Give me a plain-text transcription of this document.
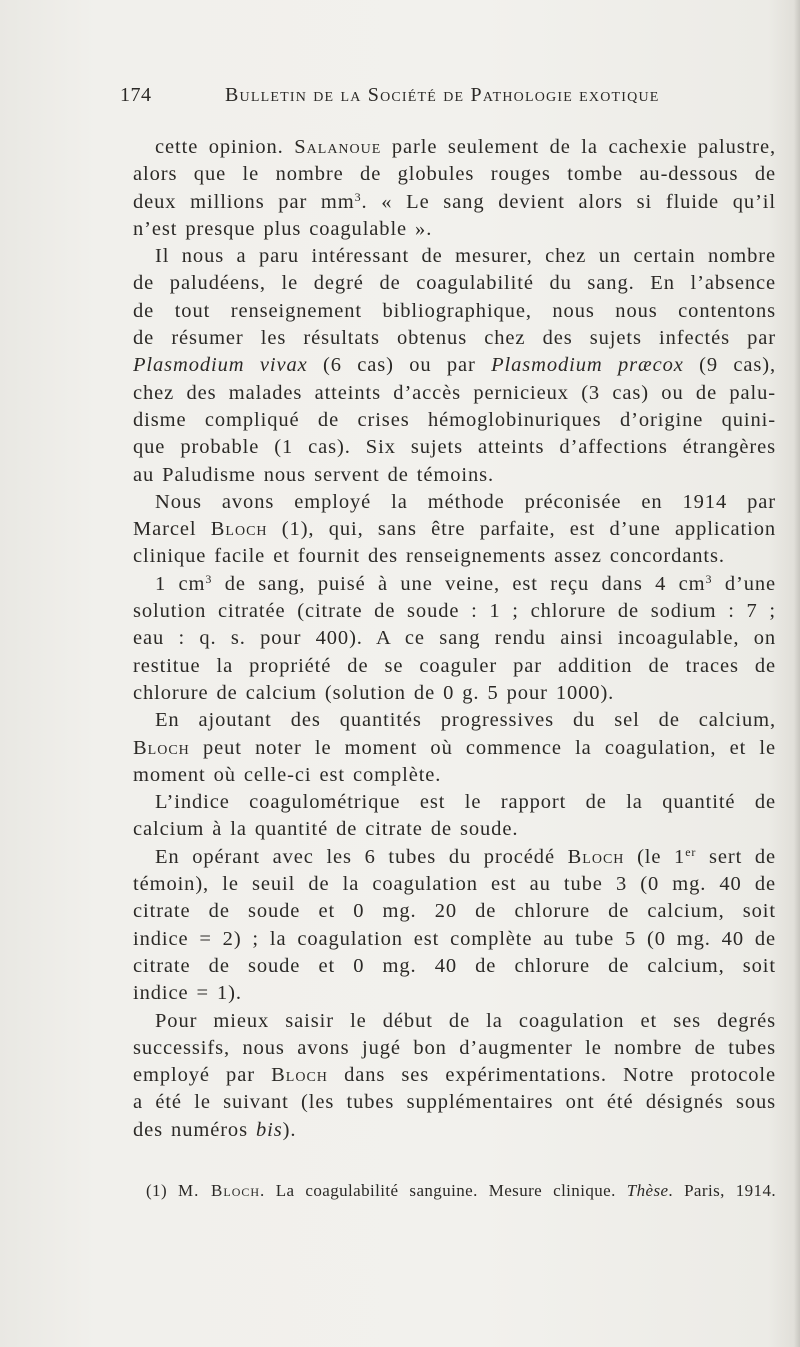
174	Bulletin de la Société de Pathologie exotique
cette opinion. Salanoue parle seulement de la cachexie palustre,
alors que le nombre de globules rouges tombe au-dessous de
deux millions par $mm^3$. « Le sang devient alors si fluide qu’il
n’est presque plus coagulable ».
Il nous a paru intéressant de mesurer, chez un certain nombre
de paludéens, le degré de coagulabilité du sang. En l’absence
de tout renseignement bibliographique, nous nous contentons
de résumer les résultats obtenus chez des sujets infectés par
Plasmodium vivax (6 cas) ou par Plasmodium præcox (9 cas),
chez des malades atteints d’accès pernicieux (3 cas) ou de palu-
disme compliqué de crises hémoglobinuriques d’origine quini-
que probable (1 cas). Six sujets atteints d’affections étrangères
au Paludisme nous servent de témoins.
Nous avons employé la méthode préconisée en 1914 par
Marcel Bloch (1), qui, sans être parfaite, est d’une application
clinique facile et fournit des renseignements assez concordants.
1 $cm^3$ de sang, puisé à une veine, est reçu dans 4 $cm^3$ d’une
solution citratée (citrate de soude : 1 ; chlorure de sodium : 7 ;
eau : q. s. pour 400). A ce sang rendu ainsi incoagulable, on
restitue la propriété de se coaguler par addition de traces de
chlorure de calcium (solution de 0 g. 5 pour 1000).
En ajoutant des quantités progressives du sel de calcium,
Bloch peut noter le moment où commence la coagulation, et le
moment où celle-ci est complète.
L’indice coagulométrique est le rapport de la quantité de
calcium à la quantité de citrate de soude.
En opérant avec les 6 tubes du procédé Bloch (le 1er sert de
témoin), le seuil de la coagulation est au tube 3 (0 mg. 40 de
citrate de soude et 0 mg. 20 de chlorure de calcium, soit
indice = 2) ; la coagulation est complète au tube 5 (0 mg. 40 de
citrate de soude et 0 mg. 40 de chlorure de calcium, soit
indice = 1).
Pour mieux saisir le début de la coagulation et ses degrés
successifs, nous avons jugé bon d’augmenter le nombre de tubes
employé par Bloch dans ses expérimentations. Notre protocole
a été le suivant (les tubes supplémentaires ont été désignés sous
des numéros bis).
(1) M. Bloch. La coagulabilité sanguine. Mesure clinique. Thèse. Paris, 1914.
